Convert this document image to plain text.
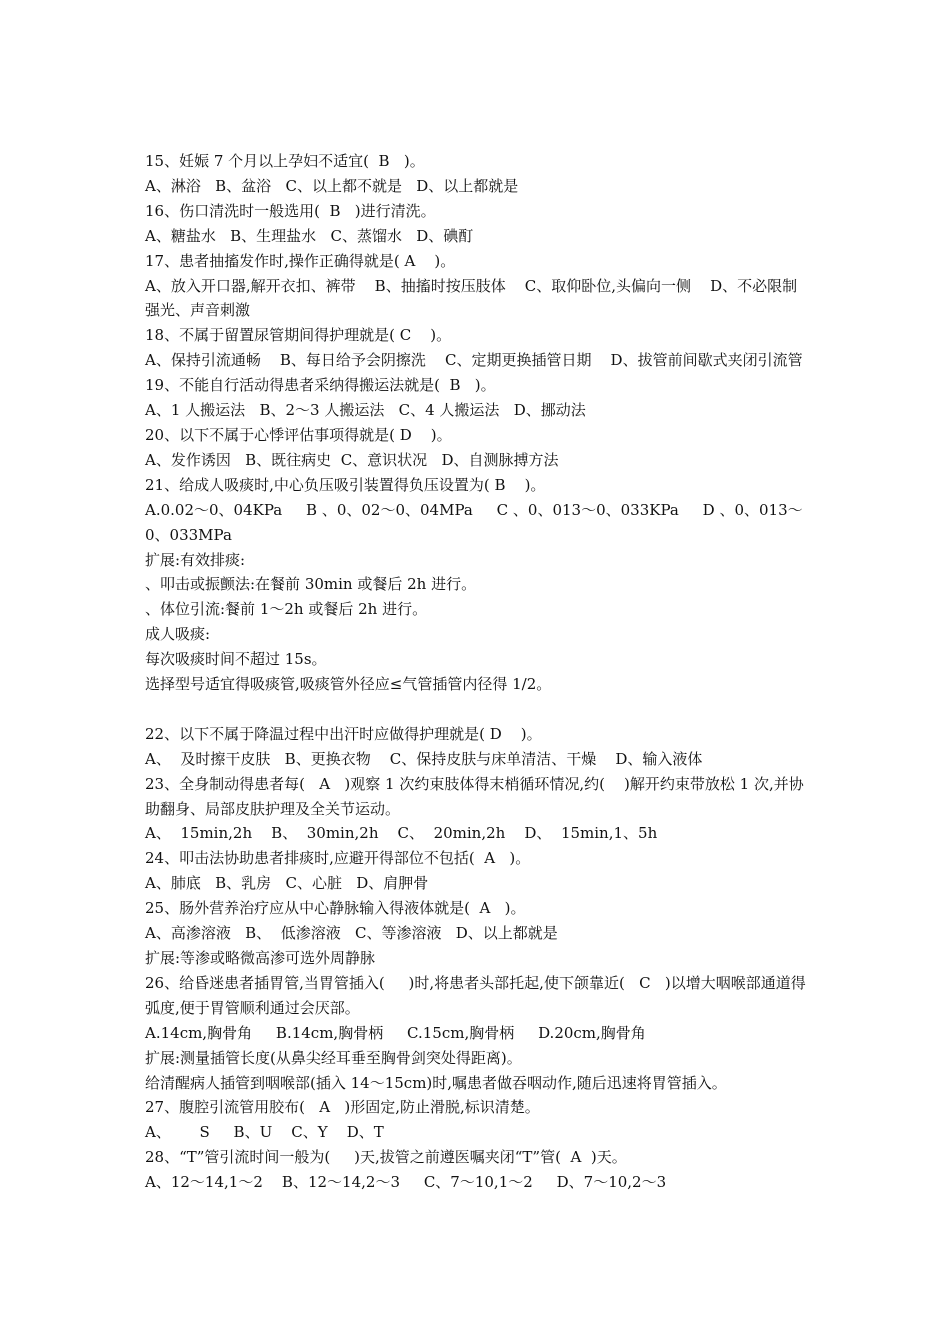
15、妊娠 7 个月以上孕妇不适宜(  B   )。

A、淋浴   B、盆浴   C、以上都不就是   D、以上都就是

16、伤口清洗时一般选用(  B   )进行清洗。

A、糖盐水   B、生理盐水   C、蒸馏水   D、碘酊

17、患者抽搐发作时,操作正确得就是( A    )。

A、放入开口器,解开衣扣、裤带    B、抽搐时按压肢体    C、取仰卧位,头偏向一侧    D、不必限制强光、声音刺激

18、不属于留置尿管期间得护理就是( C    )。

A、保持引流通畅    B、每日给予会阴擦洗    C、定期更换插管日期    D、拔管前间歇式夹闭引流管

19、不能自行活动得患者采纳得搬运法就是(  B   )。

A、1 人搬运法   B、2～3 人搬运法   C、4 人搬运法   D、挪动法

20、以下不属于心悸评估事项得就是( D    )。

A、发作诱因   B、既往病史  C、意识状况   D、自测脉搏方法

21、给成人吸痰时,中心负压吸引装置得负压设置为( B    )。

A.0.02～0、04KPa     B 、0、02～0、04MPa     C 、0、013～0、033KPa     D 、0、013～0、033MPa

扩展:有效排痰:

、叩击或振颤法:在餐前 30min 或餐后 2h 进行。

、体位引流:餐前 1～2h 或餐后 2h 进行。

成人吸痰:

每次吸痰时间不超过 15s。

选择型号适宜得吸痰管,吸痰管外径应≤气管插管内径得 1/2。

22、以下不属于降温过程中出汗时应做得护理就是( D    )。

A、  及时擦干皮肤   B、更换衣物    C、保持皮肤与床单清洁、干燥    D、输入液体

23、全身制动得患者每(   A   )观察 1 次约束肢体得末梢循环情况,约(    )解开约束带放松 1 次,并协助翻身、局部皮肤护理及全关节运动。

A、  15min,2h    B、  30min,2h    C、  20min,2h    D、  15min,1、5h

24、叩击法协助患者排痰时,应避开得部位不包括(  A   )。

A、肺底   B、乳房   C、心脏   D、肩胛骨

25、肠外营养治疗应从中心静脉输入得液体就是(  A   )。

A、高渗溶液   B、  低渗溶液   C、等渗溶液   D、以上都就是

扩展:等渗或略微高渗可选外周静脉

26、给昏迷患者插胃管,当胃管插入(     )时,将患者头部托起,使下颌靠近(   C   )以增大咽喉部通道得弧度,便于胃管顺利通过会厌部。

A.14cm,胸骨角     B.14cm,胸骨柄     C.15cm,胸骨柄     D.20cm,胸骨角

扩展:测量插管长度(从鼻尖经耳垂至胸骨剑突处得距离)。

给清醒病人插管到咽喉部(插入 14～15cm)时,嘱患者做吞咽动作,随后迅速将胃管插入。

27、腹腔引流管用胶布(   A   )形固定,防止滑脱,标识清楚。

A、      S     B、U    C、Y    D、T

28、“T”管引流时间一般为(     )天,拔管之前遵医嘱夹闭“T”管(  A  )天。

A、12～14,1～2    B、12～14,2～3     C、7～10,1～2     D、7～10,2～3
